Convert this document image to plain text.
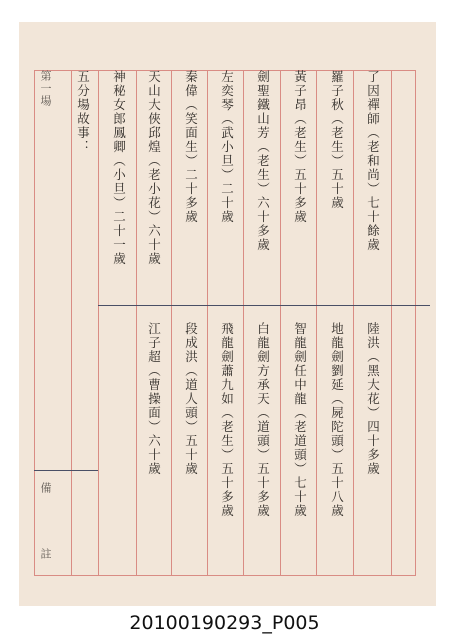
了因禪師（老和尚）七十餘歲
羅子秋（老生）五十歲
黃子昂（老生）五十多歲
劍聖鐵山芳（老生）六十多歲
左奕琴（武小旦）二十歲
秦偉（笑面生）二十多歲
天山大俠邱煌（老小花）六十歲
神秘女郎鳳卿（小旦）二十一歲
陸洪（黑大花）四十多歲
地龍劍劉延（屍陀頭）五十八歲
智龍劍任中龍（老道頭）七十歲
白龍劍方承天（道頭）五十多歲
飛龍劍蕭九如（老生）五十多歲
段成洪（道人頭）五十歲
江子超（曹操面）六十歲
五分場故事：
第一場
備
註
20100190293_P005
